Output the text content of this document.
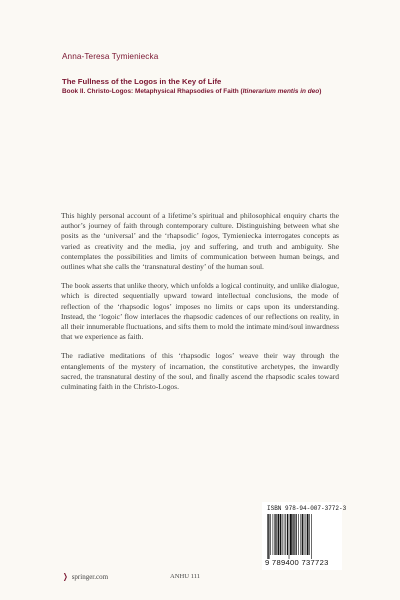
Anna-Teresa Tymieniecka
The Fullness of the Logos in the Key of Life
Book II. Christo-Logos: Metaphysical Rhapsodies of Faith (Itinerarium mentis in deo)

This highly personal account of a lifetime’s spiritual and philosophical enquiry charts the author’s journey of faith through contemporary culture. Distinguishing between what she posits as the ‘universal’ and the ‘rhapsodic’ logos, Tymieniecka interrogates concepts as varied as creativity and the media, joy and suffering, and truth and ambiguity. She contemplates the possibilities and limits of communication between human beings, and outlines what she calls the ‘transnatural destiny’ of the human soul.

The book asserts that unlike theory, which unfolds a logical continuity, and unlike dialogue, which is directed sequentially upward toward intellectual conclusions, the mode of reflection of the ‘rhapsodic logos’ imposes no limits or caps upon its understanding. Instead, the ‘logoic’ flow interlaces the rhapsodic cadences of our reflections on reality, in all their innumerable fluctuations, and sifts them to mold the intimate mind/soul inwardness that we experience as faith.

The radiative meditations of this ‘rhapsodic logos’ weave their way through the entanglements of the mystery of incarnation, the constitutive archetypes, the inwardly sacred, the transnatural destiny of the soul, and finally ascend the rhapsodic scales toward culminating faith in the Christo-Logos.

ISBN 978-94-007-3772-3
9 789400 737723
❯ springer.com	ANHU 111
